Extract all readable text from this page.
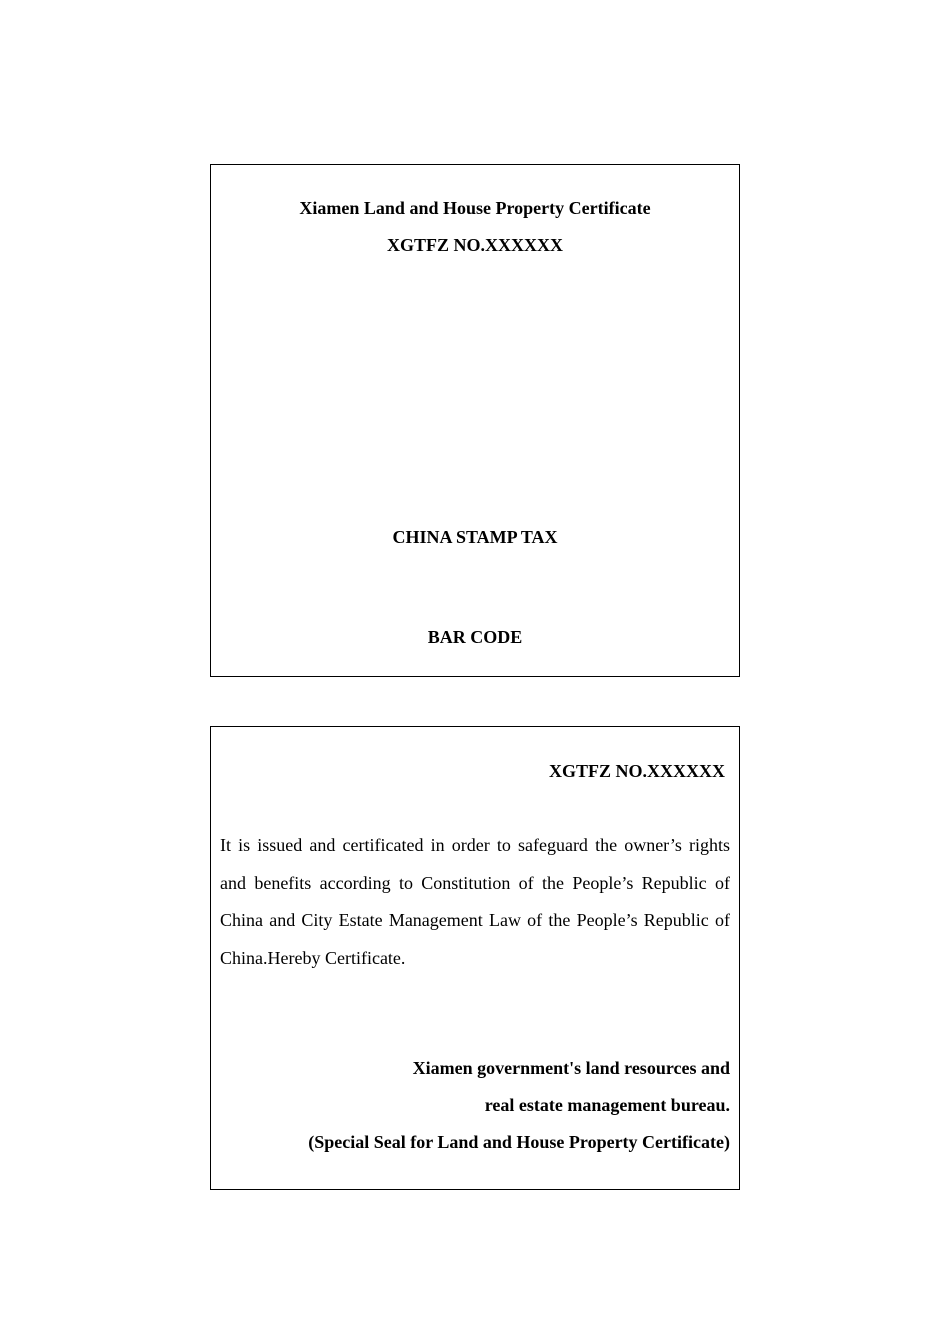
Xiamen Land and House Property Certificate
XGTFZ NO.XXXXXX
CHINA STAMP TAX
BAR CODE
XGTFZ NO.XXXXXX

It is issued and certificated in order to safeguard the owner’s rights and benefits according to Constitution of the People’s Republic of China and City Estate Management Law of the People’s Republic of China.Hereby Certificate.

Xiamen government's land resources and
real estate management bureau.
(Special Seal for Land and House Property Certificate)
